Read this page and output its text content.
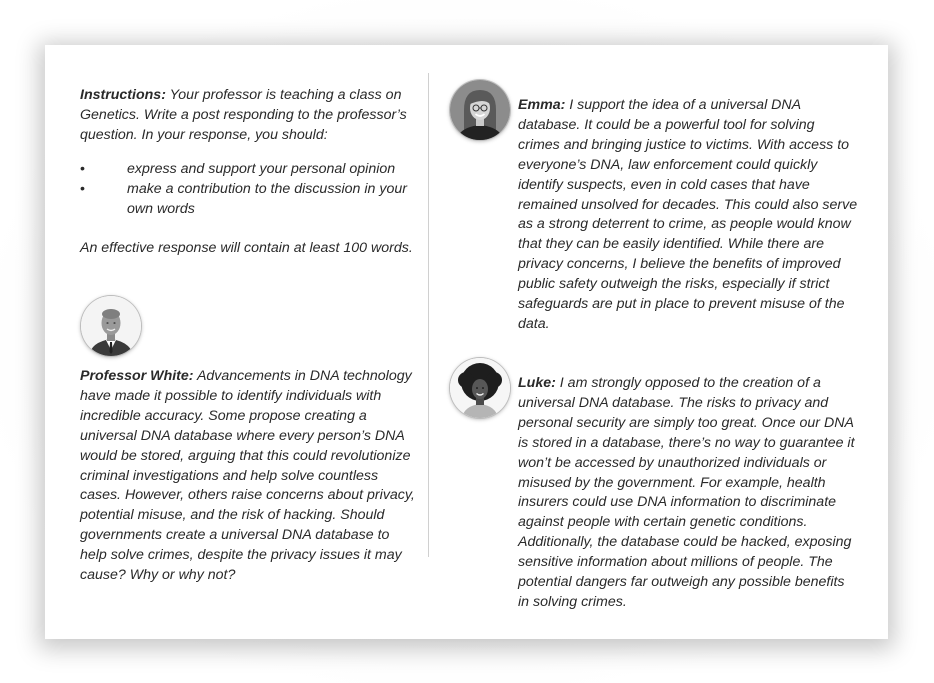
Instructions: Your professor is teaching a class on Genetics. Write a post responding to the professor’s question. In your response, you should:
•	express and support your personal opinion
•	make a contribution to the discussion in your own words
An effective response will contain at least 100 words.
Professor White: Advancements in DNA technology have made it possible to identify individuals with incredible accuracy. Some propose creating a universal DNA database where every person’s DNA would be stored, arguing that this could revolutionize criminal investigations and help solve countless cases. However, others raise concerns about privacy, potential misuse, and the risk of hacking. Should governments create a universal DNA database to help solve crimes, despite the privacy issues it may cause? Why or why not?
Emma: I support the idea of a universal DNA database. It could be a powerful tool for solving crimes and bringing justice to victims. With access to everyone’s DNA, law enforcement could quickly identify suspects, even in cold cases that have remained unsolved for decades. This could also serve as a strong deterrent to crime, as people would know that they can be easily identified. While there are privacy concerns, I believe the benefits of improved public safety outweigh the risks, especially if strict safeguards are put in place to prevent misuse of the data.
Luke: I am strongly opposed to the creation of a universal DNA database. The risks to privacy and personal security are simply too great. Once our DNA is stored in a database, there’s no way to guarantee it won’t be accessed by unauthorized individuals or misused by the government. For example, health insurers could use DNA information to discriminate against people with certain genetic conditions. Additionally, the database could be hacked, exposing sensitive information about millions of people. The potential dangers far outweigh any possible benefits in solving crimes.
